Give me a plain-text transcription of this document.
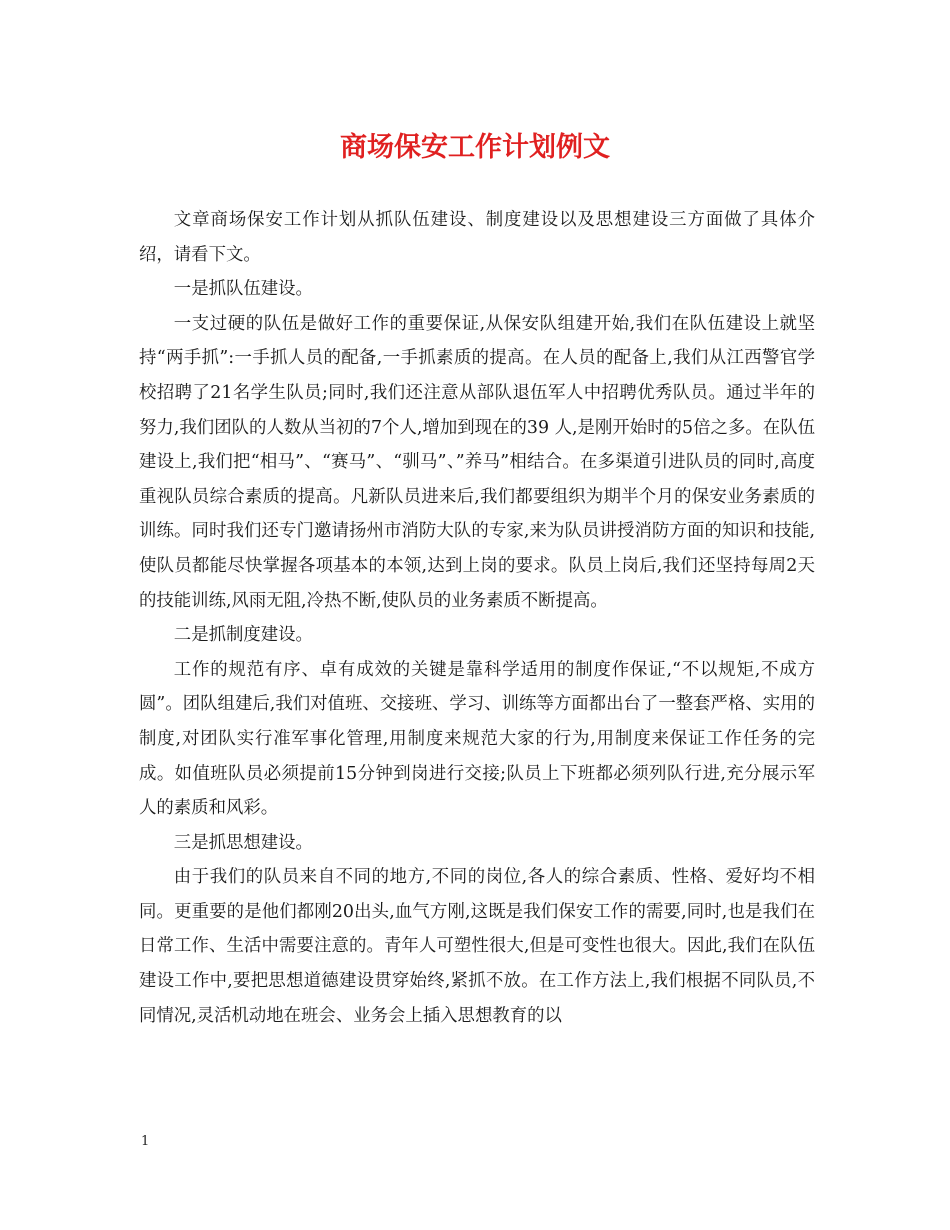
商场保安工作计划例文

文章商场保安工作计划从抓队伍建设、制度建设以及思想建设三方面做了具体介绍，请看下文。

一是抓队伍建设。

一支过硬的队伍是做好工作的重要保证,从保安队组建开始,我们在队伍建设上就坚持“两手抓”:一手抓人员的配备,一手抓素质的提高。在人员的配备上,我们从江西警官学校招聘了21名学生队员;同时,我们还注意从部队退伍军人中招聘优秀队员。通过半年的努力,我们团队的人数从当初的7个人,增加到现在的39 人,是刚开始时的5倍之多。在队伍建设上,我们把“相马”、“赛马”、“驯马”、”养马”相结合。在多渠道引进队员的同时,高度重视队员综合素质的提高。凡新队员进来后,我们都要组织为期半个月的保安业务素质的训练。同时我们还专门邀请扬州市消防大队的专家,来为队员讲授消防方面的知识和技能,使队员都能尽快掌握各项基本的本领,达到上岗的要求。队员上岗后,我们还坚持每周2天的技能训练,风雨无阻,冷热不断,使队员的业务素质不断提高。

二是抓制度建设。

工作的规范有序、卓有成效的关键是靠科学适用的制度作保证,“不以规矩,不成方圆”。团队组建后,我们对值班、交接班、学习、训练等方面都出台了一整套严格、实用的制度,对团队实行准军事化管理,用制度来规范大家的行为,用制度来保证工作任务的完成。如值班队员必须提前15分钟到岗进行交接;队员上下班都必须列队行进,充分展示军人的素质和风彩。

三是抓思想建设。

由于我们的队员来自不同的地方,不同的岗位,各人的综合素质、性格、爱好均不相同。更重要的是他们都刚20出头,血气方刚,这既是我们保安工作的需要,同时,也是我们在日常工作、生活中需要注意的。青年人可塑性很大,但是可变性也很大。因此,我们在队伍建设工作中,要把思想道德建设贯穿始终,紧抓不放。在工作方法上,我们根据不同队员,不同情况,灵活机动地在班会、业务会上插入思想教育的以

1
